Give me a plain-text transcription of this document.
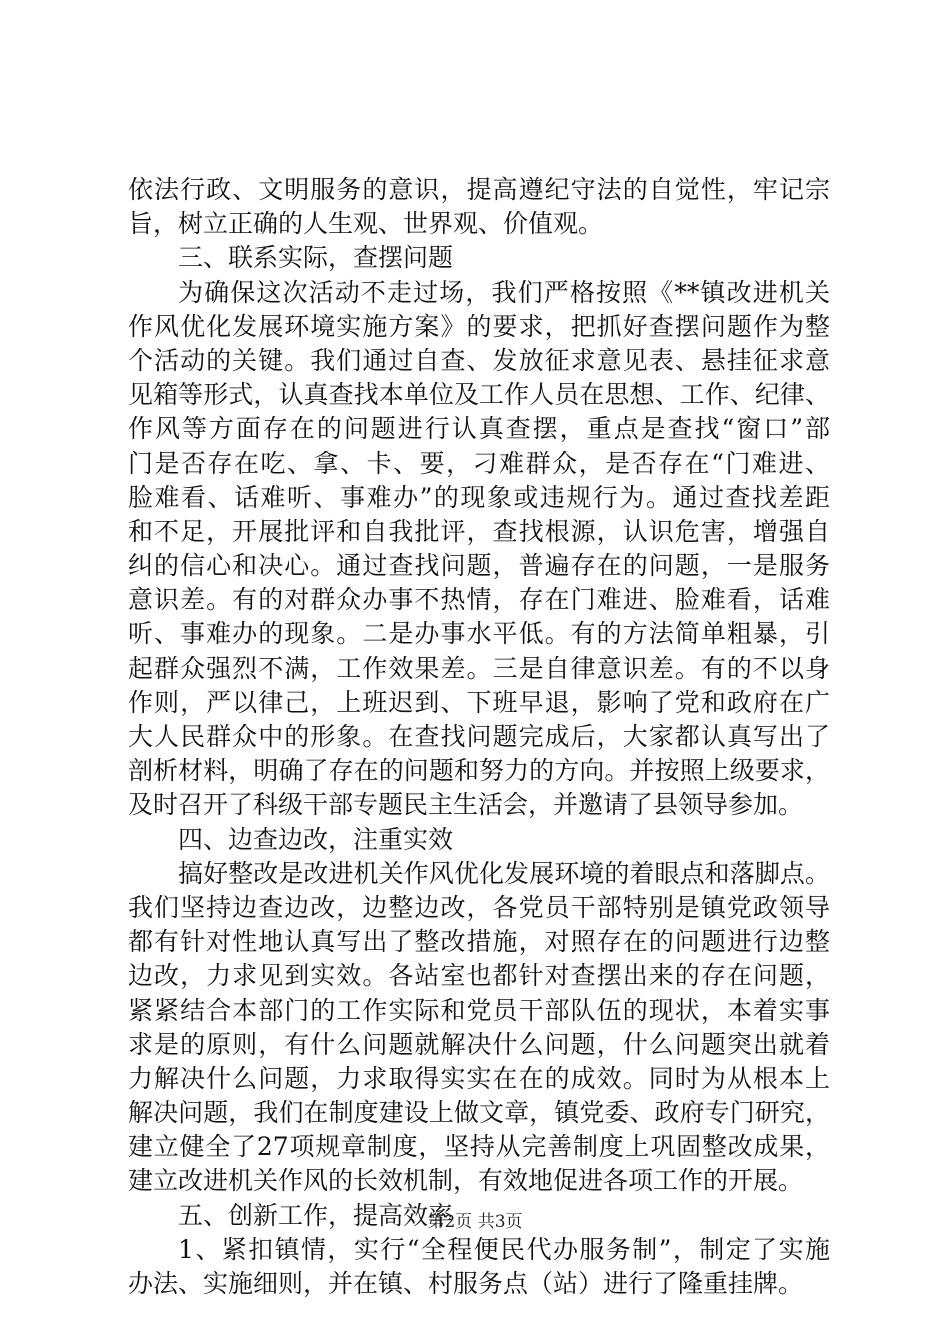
依法行政、文明服务的意识，提高遵纪守法的自觉性，牢记宗
旨，树立正确的人生观、世界观、价值观。
三、联系实际，查摆问题
为确保这次活动不走过场，我们严格按照《**镇改进机关
作风优化发展环境实施方案》的要求，把抓好查摆问题作为整
个活动的关键。我们通过自查、发放征求意见表、悬挂征求意
见箱等形式，认真查找本单位及工作人员在思想、工作、纪律、
作风等方面存在的问题进行认真查摆，重点是查找“窗口”部
门是否存在吃、拿、卡、要，刁难群众，是否存在“门难进、
脸难看、话难听、事难办”的现象或违规行为。通过查找差距
和不足，开展批评和自我批评，查找根源，认识危害，增强自
纠的信心和决心。通过查找问题，普遍存在的问题，一是服务
意识差。有的对群众办事不热情，存在门难进、脸难看，话难
听、事难办的现象。二是办事水平低。有的方法简单粗暴，引
起群众强烈不满，工作效果差。三是自律意识差。有的不以身
作则，严以律己，上班迟到、下班早退，影响了党和政府在广
大人民群众中的形象。在查找问题完成后，大家都认真写出了
剖析材料，明确了存在的问题和努力的方向。并按照上级要求，
及时召开了科级干部专题民主生活会，并邀请了县领导参加。
四、边查边改，注重实效
搞好整改是改进机关作风优化发展环境的着眼点和落脚点。
我们坚持边查边改，边整边改，各党员干部特别是镇党政领导
都有针对性地认真写出了整改措施，对照存在的问题进行边整
边改，力求见到实效。各站室也都针对查摆出来的存在问题，
紧紧结合本部门的工作实际和党员干部队伍的现状，本着实事
求是的原则，有什么问题就解决什么问题，什么问题突出就着
力解决什么问题，力求取得实实在在的成效。同时为从根本上
解决问题，我们在制度建设上做文章，镇党委、政府专门研究，
建立健全了27项规章制度，坚持从完善制度上巩固整改成果，
建立改进机关作风的长效机制，有效地促进各项工作的开展。
五、创新工作，提高效率
1、紧扣镇情，实行“全程便民代办服务制”，制定了实施
办法、实施细则，并在镇、村服务点（站）进行了隆重挂牌。
第2页 共3页
